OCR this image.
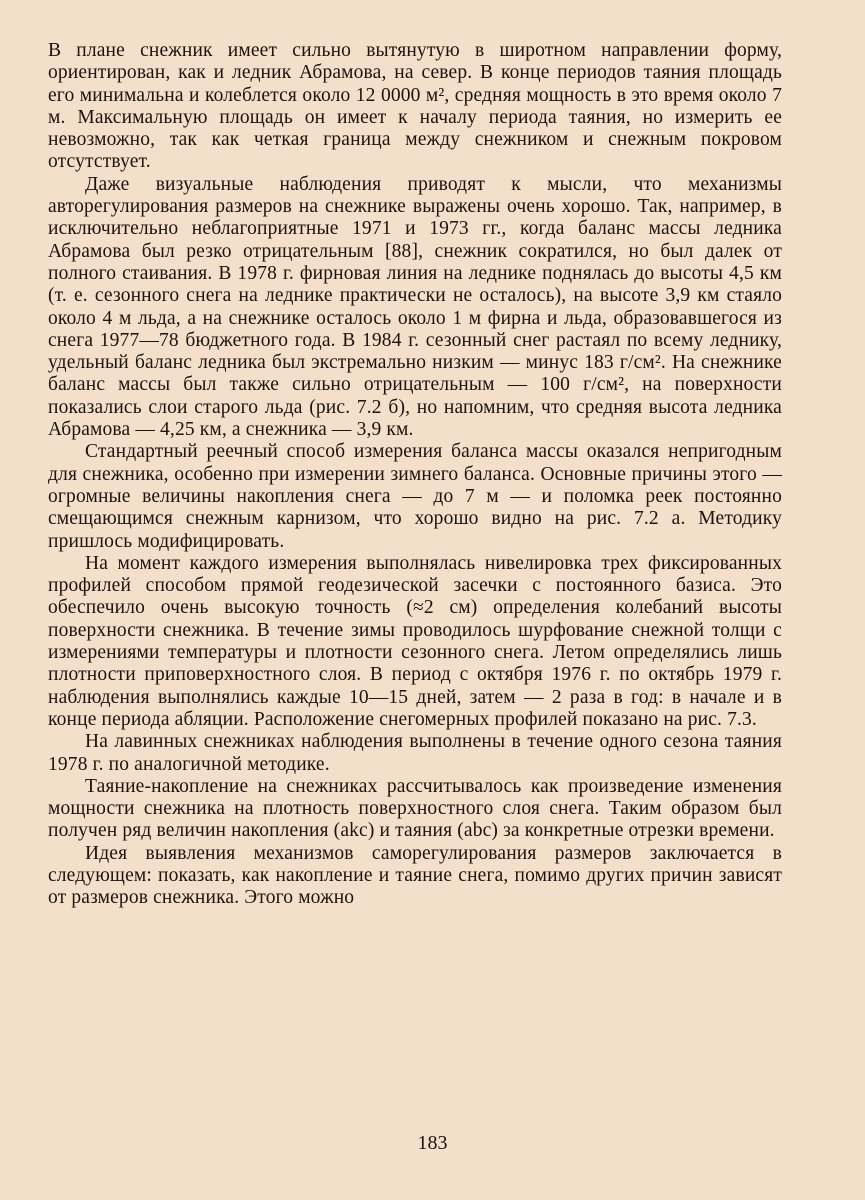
В плане снежник имеет сильно вытянутую в широтном направлении форму, ориентирован, как и ледник Абрамова, на север. В конце периодов таяния площадь его минимальна и колеблется около 12 0000 м², средняя мощность в это время около 7 м. Максимальную площадь он имеет к началу периода таяния, но измерить ее невозможно, так как четкая граница между снежником и снежным покровом отсутствует.

Даже визуальные наблюдения приводят к мысли, что механизмы авторегулирования размеров на снежнике выражены очень хорошо. Так, например, в исключительно неблагоприятные 1971 и 1973 гг., когда баланс массы ледника Абрамова был резко отрицательным [88], снежник сократился, но был далек от полного стаивания. В 1978 г. фирновая линия на леднике поднялась до высоты 4,5 км (т. е. сезонного снега на леднике практически не осталось), на высоте 3,9 км стаяло около 4 м льда, а на снежнике осталось около 1 м фирна и льда, образовавшегося из снега 1977—78 бюджетного года. В 1984 г. сезонный снег растаял по всему леднику, удельный баланс ледника был экстремально низким — минус 183 г/см². На снежнике баланс массы был также сильно отрицательным — 100 г/см², на поверхности показались слои старого льда (рис. 7.2 б), но напомним, что средняя высота ледника Абрамова — 4,25 км, а снежника — 3,9 км.

Стандартный реечный способ измерения баланса массы оказался непригодным для снежника, особенно при измерении зимнего баланса. Основные причины этого — огромные величины накопления снега — до 7 м — и поломка реек постоянно смещающимся снежным карнизом, что хорошо видно на рис. 7.2 а. Методику пришлось модифицировать.

На момент каждого измерения выполнялась нивелировка трех фиксированных профилей способом прямой геодезической засечки с постоянного базиса. Это обеспечило очень высокую точность (≈2 см) определения колебаний высоты поверхности снежника. В течение зимы проводилось шурфование снежной толщи с измерениями температуры и плотности сезонного снега. Летом определялись лишь плотности приповерхностного слоя. В период с октября 1976 г. по октябрь 1979 г. наблюдения выполнялись каждые 10—15 дней, затем — 2 раза в год: в начале и в конце периода абляции. Расположение снегомерных профилей показано на рис. 7.3.

На лавинных снежниках наблюдения выполнены в течение одного сезона таяния 1978 г. по аналогичной методике.

Таяние-накопление на снежниках рассчитывалось как произведение изменения мощности снежника на плотность поверхностного слоя снега. Таким образом был получен ряд величин накопления (akc) и таяния (abc) за конкретные отрезки времени.

Идея выявления механизмов саморегулирования размеров заключается в следующем: показать, как накопление и таяние снега, помимо других причин зависят от размеров снежника. Этого можно

183
